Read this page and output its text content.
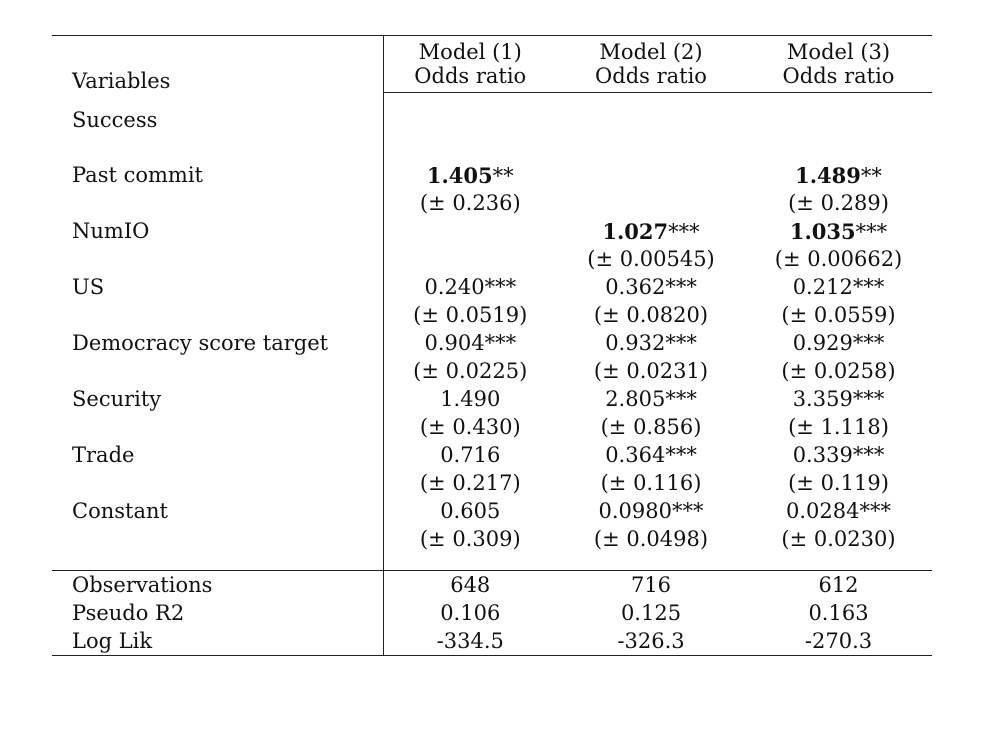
Variables	Model (1)	Model (2)	Model (3)
	Odds ratio	Odds ratio	Odds ratio

Success			

Past commit	1.405**		1.489**
	(± 0.236)		(± 0.289)
NumIO		1.027***	1.035***
		(± 0.00545)	(± 0.00662)
US	0.240***	0.362***	0.212***
	(± 0.0519)	(± 0.0820)	(± 0.0559)
Democracy score target	0.904***	0.932***	0.929***
	(± 0.0225)	(± 0.0231)	(± 0.0258)
Security	1.490	2.805***	3.359***
	(± 0.430)	(± 0.856)	(± 1.118)
Trade	0.716	0.364***	0.339***
	(± 0.217)	(± 0.116)	(± 0.119)
Constant	0.605	0.0980***	0.0284***
	(± 0.309)	(± 0.0498)	(± 0.0230)

Observations	648	716	612
Pseudo R2	0.106	0.125	0.163
Log Lik	-334.5	-326.3	-270.3
